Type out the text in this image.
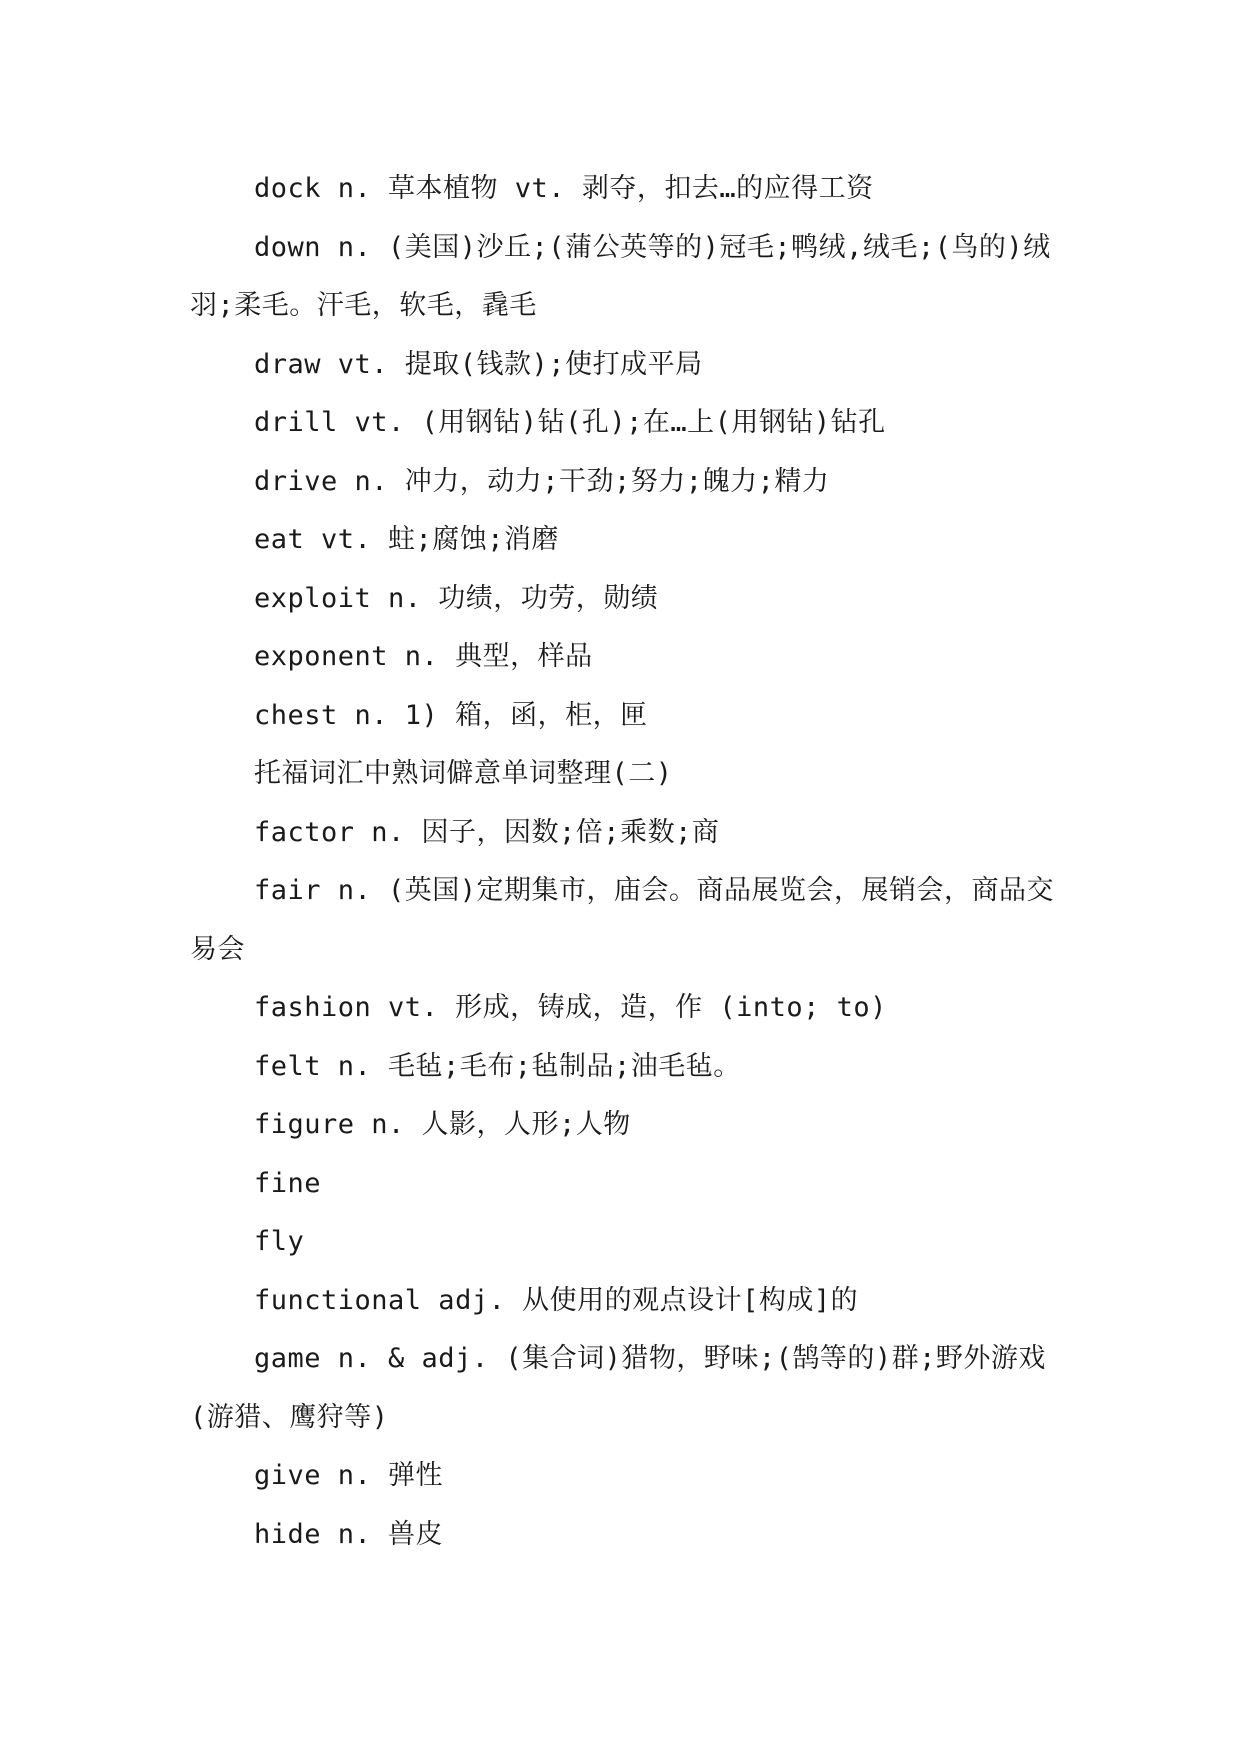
dock n. 草本植物 vt. 剥夺，扣去…的应得工资

down n. (美国)沙丘;(蒲公英等的)冠毛;鸭绒,绒毛;(鸟的)绒羽;柔毛。汗毛，软毛，毳毛

draw vt. 提取(钱款);使打成平局

drill vt. (用钢钻)钻(孔);在…上(用钢钻)钻孔

drive n. 冲力，动力;干劲;努力;魄力;精力

eat vt. 蛀;腐蚀;消磨

exploit n. 功绩，功劳，勋绩

exponent n. 典型，样品

chest n. 1) 箱，函，柜，匣

托福词汇中熟词僻意单词整理(二)

factor n. 因子，因数;倍;乘数;商

fair n. (英国)定期集市，庙会。商品展览会，展销会，商品交易会

fashion vt. 形成，铸成，造，作 (into; to)

felt n. 毛毡;毛布;毡制品;油毛毡。

figure n. 人影，人形;人物

fine

fly

functional adj. 从使用的观点设计[构成]的

game n. & adj. (集合词)猎物，野味;(鹄等的)群;野外游戏(游猎、鹰狩等)

give n. 弹性

hide n. 兽皮
